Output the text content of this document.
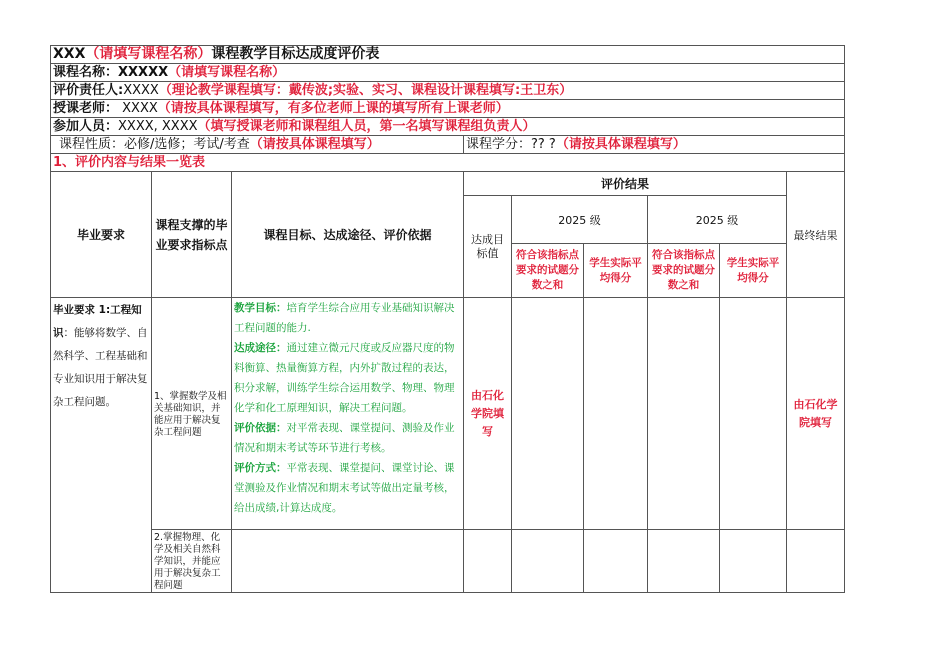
XXX（请填写课程名称）课程教学目标达成度评价表								
课程名称：XXXXX（请填写课程名称）								
评价责任人:XXXX（理论教学课程填写：戴传波;实验、实习、课程设计课程填写:王卫东）								
授课老师： XXXX（请按具体课程填写，有多位老师上课的填写所有上课老师）								
参加人员：XXXX, XXXX（填写授课老师和课程组人员，第一名填写课程组负责人）								
课程性质：必修/选修；考试/考查（请按具体课程填写）			课程学分：?? ?（请按具体课程填写）					
1、评价内容与结果一览表								
毕业要求	课程支撑的毕业要求指标点	课程目标、达成途径、评价依据	评价结果					最终结果
			达成目标值	2025 级		2025 级		
				符合该指标点要求的试题分数之和	学生实际平均得分	符合该指标点要求的试题分数之和	学生实际平均得分	
毕业要求 1:工程知识：能够将数学、自然科学、工程基础和专业知识用于解决复杂工程问题。	1、掌握数学及相关基础知识，并能应用于解决复杂工程问题	教学目标：培育学生综合应用专业基础知识解决工程问题的能力.

达成途径：通过建立微元尺度或反应器尺度的物料衡算、热量衡算方程，内外扩散过程的表达，积分求解，训练学生综合运用数学、物理、物理化学和化工原理知识，解决工程问题。

评价依据：对平常表现、课堂提问、测验及作业情况和期末考试等环节进行考核。

评价方式：平常表现、课堂提问、课堂讨论、课堂测验及作业情况和期末考试等做出定量考核，给出成绩,计算达成度。	由石化学院填写					由石化学院填写
	2.掌握物理、化学及相关自然科学知识，并能应用于解决复杂工程问题							
